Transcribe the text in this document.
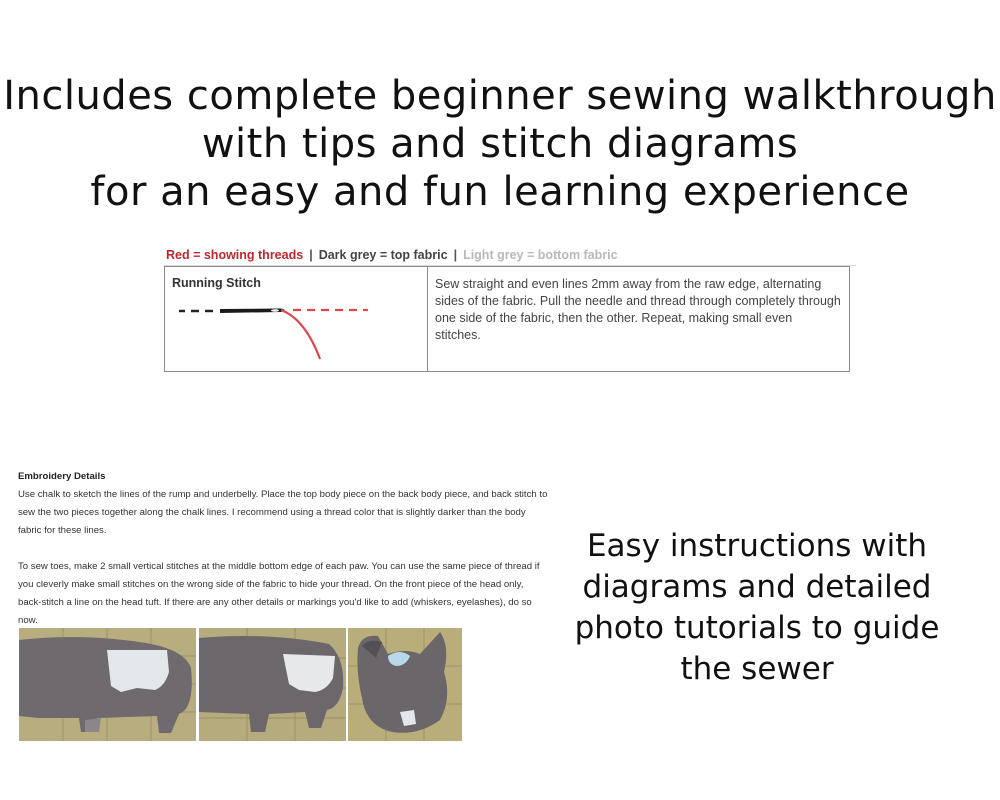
Includes complete beginner sewing walkthrough
with tips and stitch diagrams
for an easy and fun learning experience
Red = showing threads | Dark grey = top fabric | Light grey = bottom fabric
Running Stitch	Sew straight and even lines 2mm away from the raw edge, alternating sides of the fabric. Pull the needle and thread through completely through one side of the fabric, then the other. Repeat, making small even stitches.
Embroidery Details

Use chalk to sketch the lines of the rump and underbelly. Place the top body piece on the back body piece, and back stitch to sew the two pieces together along the chalk lines. I recommend using a thread color that is slightly darker than the body fabric for these lines.

To sew toes, make 2 small vertical stitches at the middle bottom edge of each paw. You can use the same piece of thread if you cleverly make small stitches on the wrong side of the fabric to hide your thread. On the front piece of the head only, back-stitch a line on the head tuft. If there are any other details or markings you'd like to add (whiskers, eyelashes), do so now.

Easy instructions with
diagrams and detailed
photo tutorials to guide
the sewer
